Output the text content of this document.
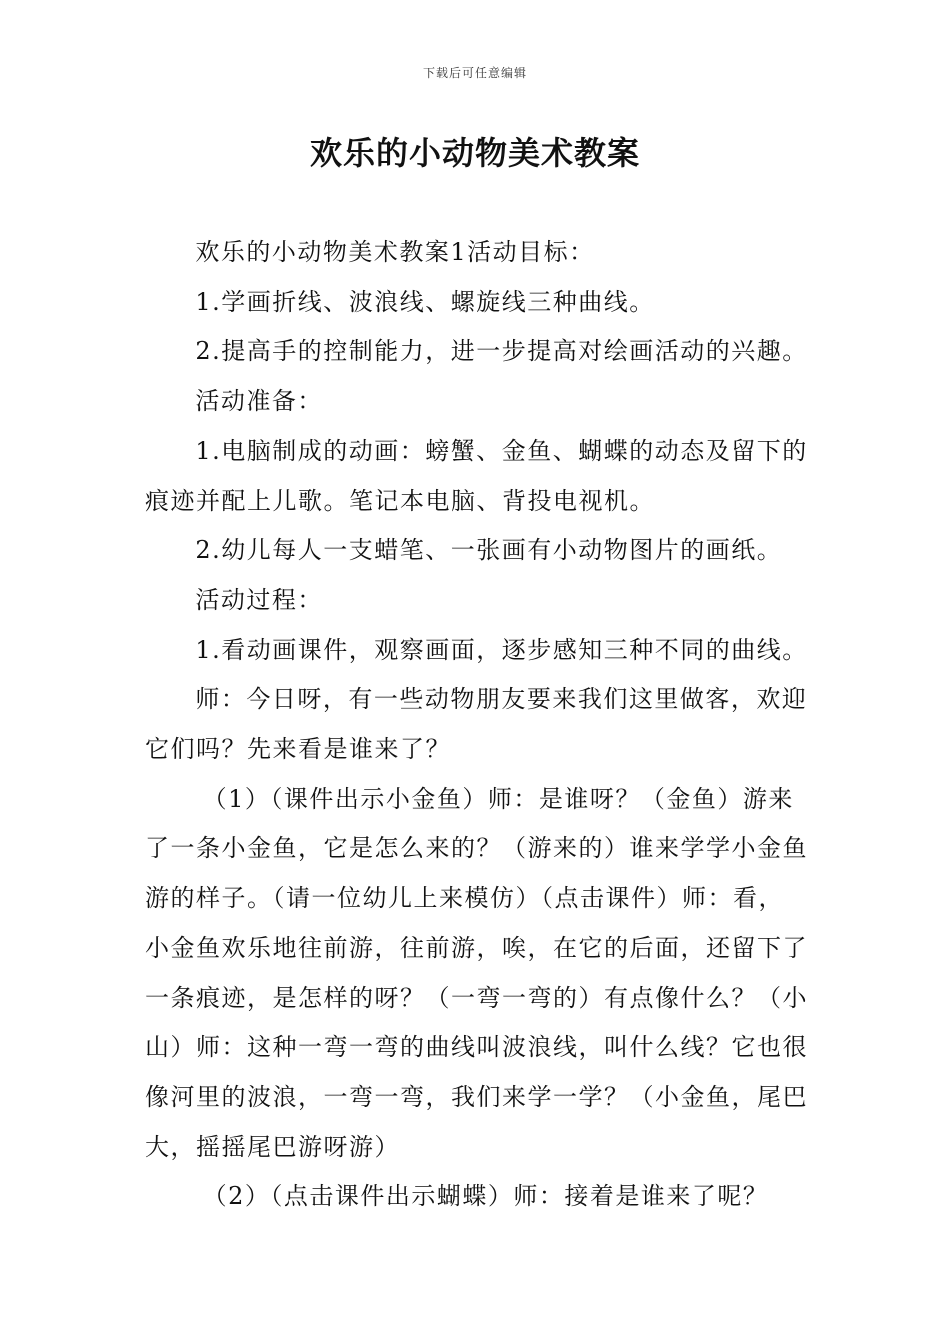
下载后可任意编辑
欢乐的小动物美术教案

欢乐的小动物美术教案1活动目标：

1.学画折线、波浪线、螺旋线三种曲线。

2.提高手的控制能力，进一步提高对绘画活动的兴趣。

活动准备：

1.电脑制成的动画：螃蟹、金鱼、蝴蝶的动态及留下的痕迹并配上儿歌。笔记本电脑、背投电视机。

2.幼儿每人一支蜡笔、一张画有小动物图片的画纸。

活动过程：

1.看动画课件，观察画面，逐步感知三种不同的曲线。

师：今日呀，有一些动物朋友要来我们这里做客，欢迎它们吗？先来看是谁来了？

（1）（课件出示小金鱼）师：是谁呀？（金鱼）游来了一条小金鱼，它是怎么来的？（游来的）谁来学学小金鱼游的样子。（请一位幼儿上来模仿）（点击课件）师：看，小金鱼欢乐地往前游，往前游，唉，在它的后面，还留下了一条痕迹，是怎样的呀？（一弯一弯的）有点像什么？（小山）师：这种一弯一弯的曲线叫波浪线，叫什么线？它也很像河里的波浪，一弯一弯，我们来学一学？（小金鱼，尾巴大，摇摇尾巴游呀游）

（2）（点击课件出示蝴蝶）师：接着是谁来了呢？
